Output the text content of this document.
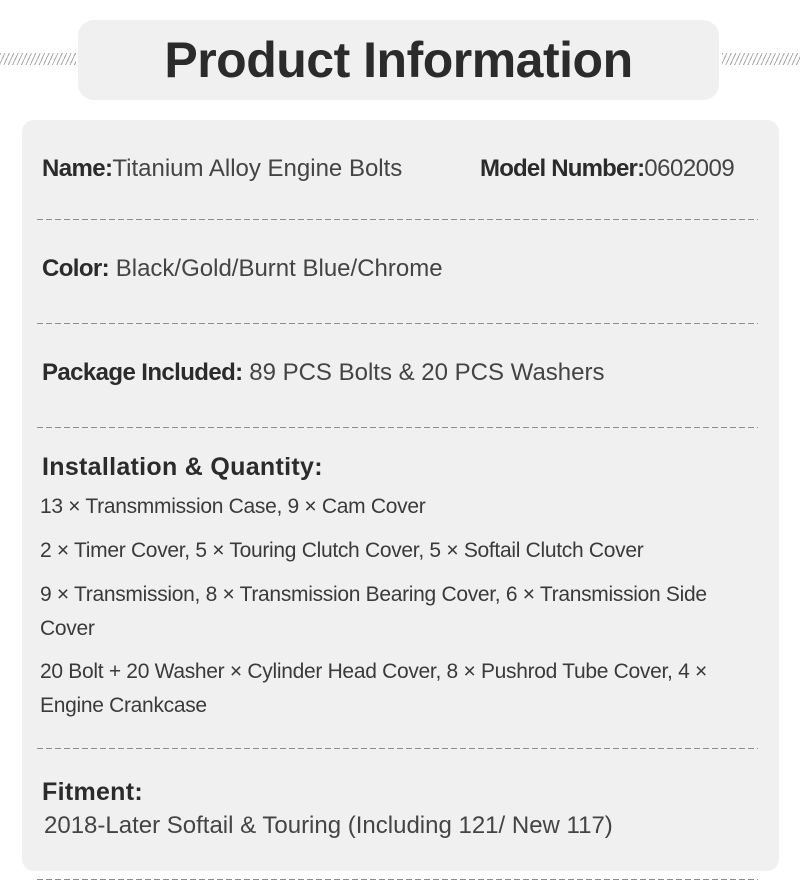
Product Information
Name:Titanium Alloy Engine Bolts	Model Number:0602009
Color: Black/Gold/Burnt Blue/Chrome
Package Included: 89 PCS Bolts & 20 PCS Washers
Installation & Quantity:
13 × Transmmission Case, 9 × Cam Cover
2 × Timer Cover, 5 × Touring Clutch Cover, 5 × Softail Clutch Cover
9 × Transmission, 8 × Transmission Bearing Cover, 6 × Transmission Side Cover
20 Bolt + 20 Washer × Cylinder Head Cover, 8 × Pushrod Tube Cover, 4 × Engine Crankcase
Fitment:
2018-Later Softail & Touring (Including 121/ New 117)
